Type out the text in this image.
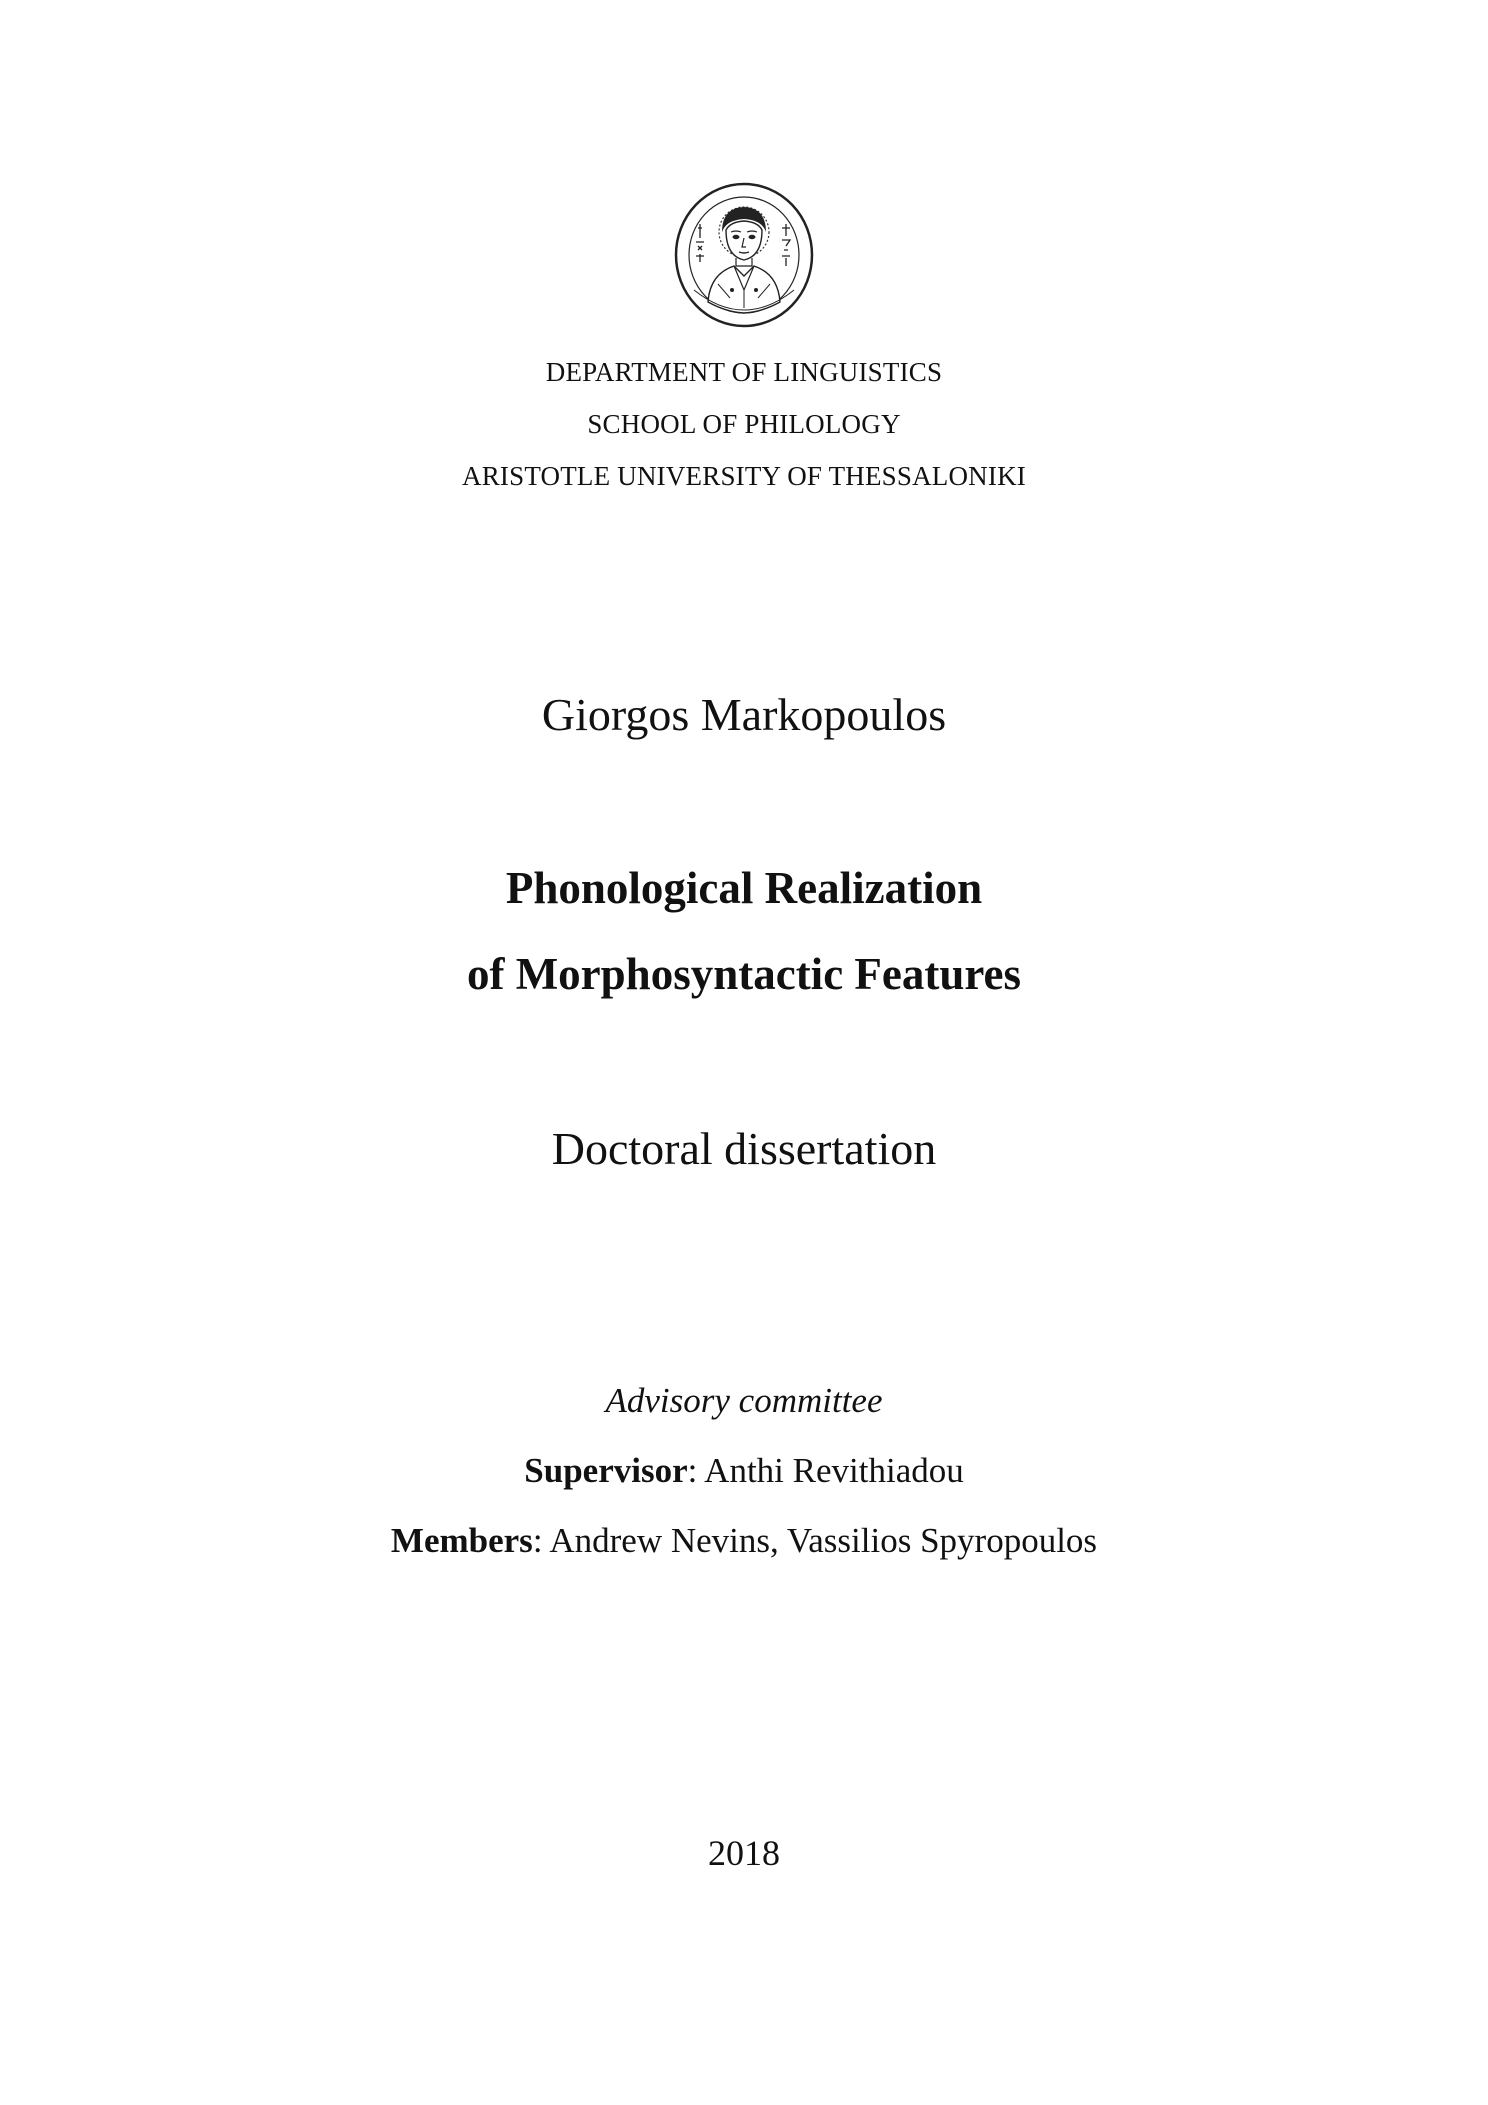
DEPARTMENT OF LINGUISTICS
SCHOOL OF PHILOLOGY
ARISTOTLE UNIVERSITY OF THESSALONIKI
Giorgos Markopoulos
Phonological Realization
of Morphosyntactic Features
Doctoral dissertation
Advisory committee
Supervisor: Anthi Revithiadou
Members: Andrew Nevins, Vassilios Spyropoulos
2018
